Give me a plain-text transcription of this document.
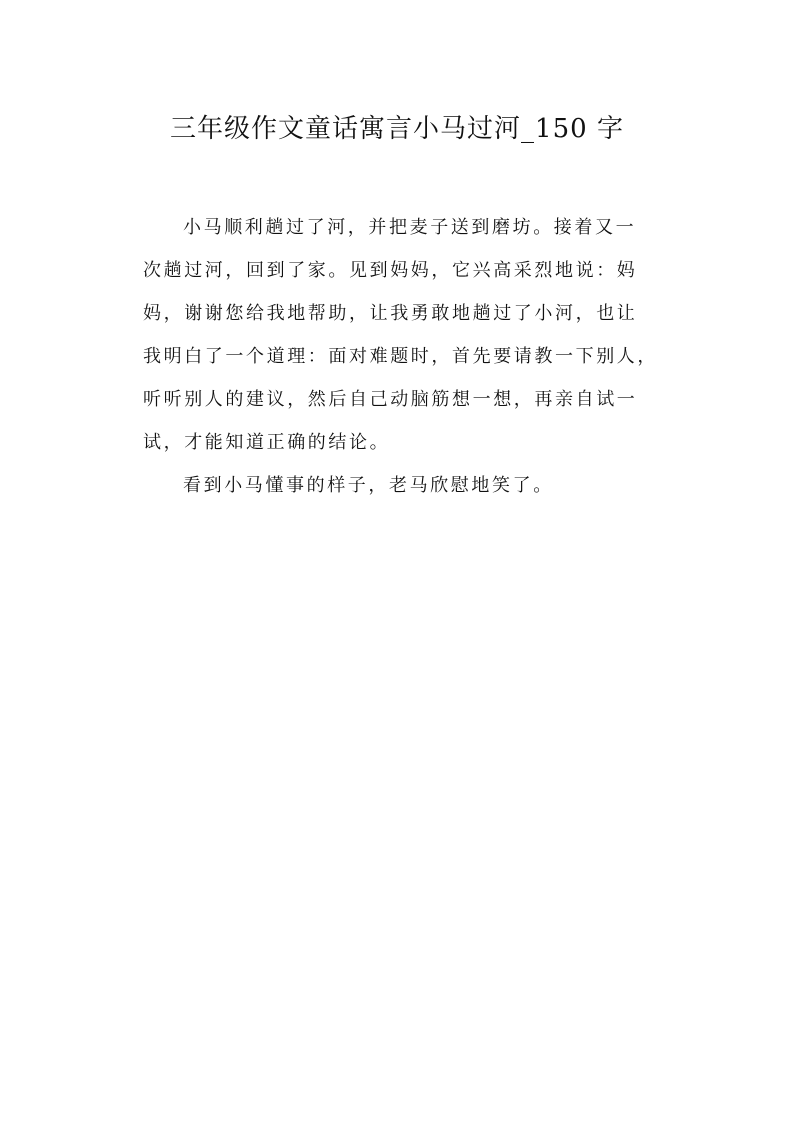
三年级作文童话寓言小马过河_150 字
小马顺利趟过了河，并把麦子送到磨坊。接着又一
次趟过河，回到了家。见到妈妈，它兴高采烈地说：妈
妈，谢谢您给我地帮助，让我勇敢地趟过了小河，也让
我明白了一个道理：面对难题时，首先要请教一下别人，
听听别人的建议，然后自己动脑筋想一想，再亲自试一
试，才能知道正确的结论。
看到小马懂事的样子，老马欣慰地笑了。
